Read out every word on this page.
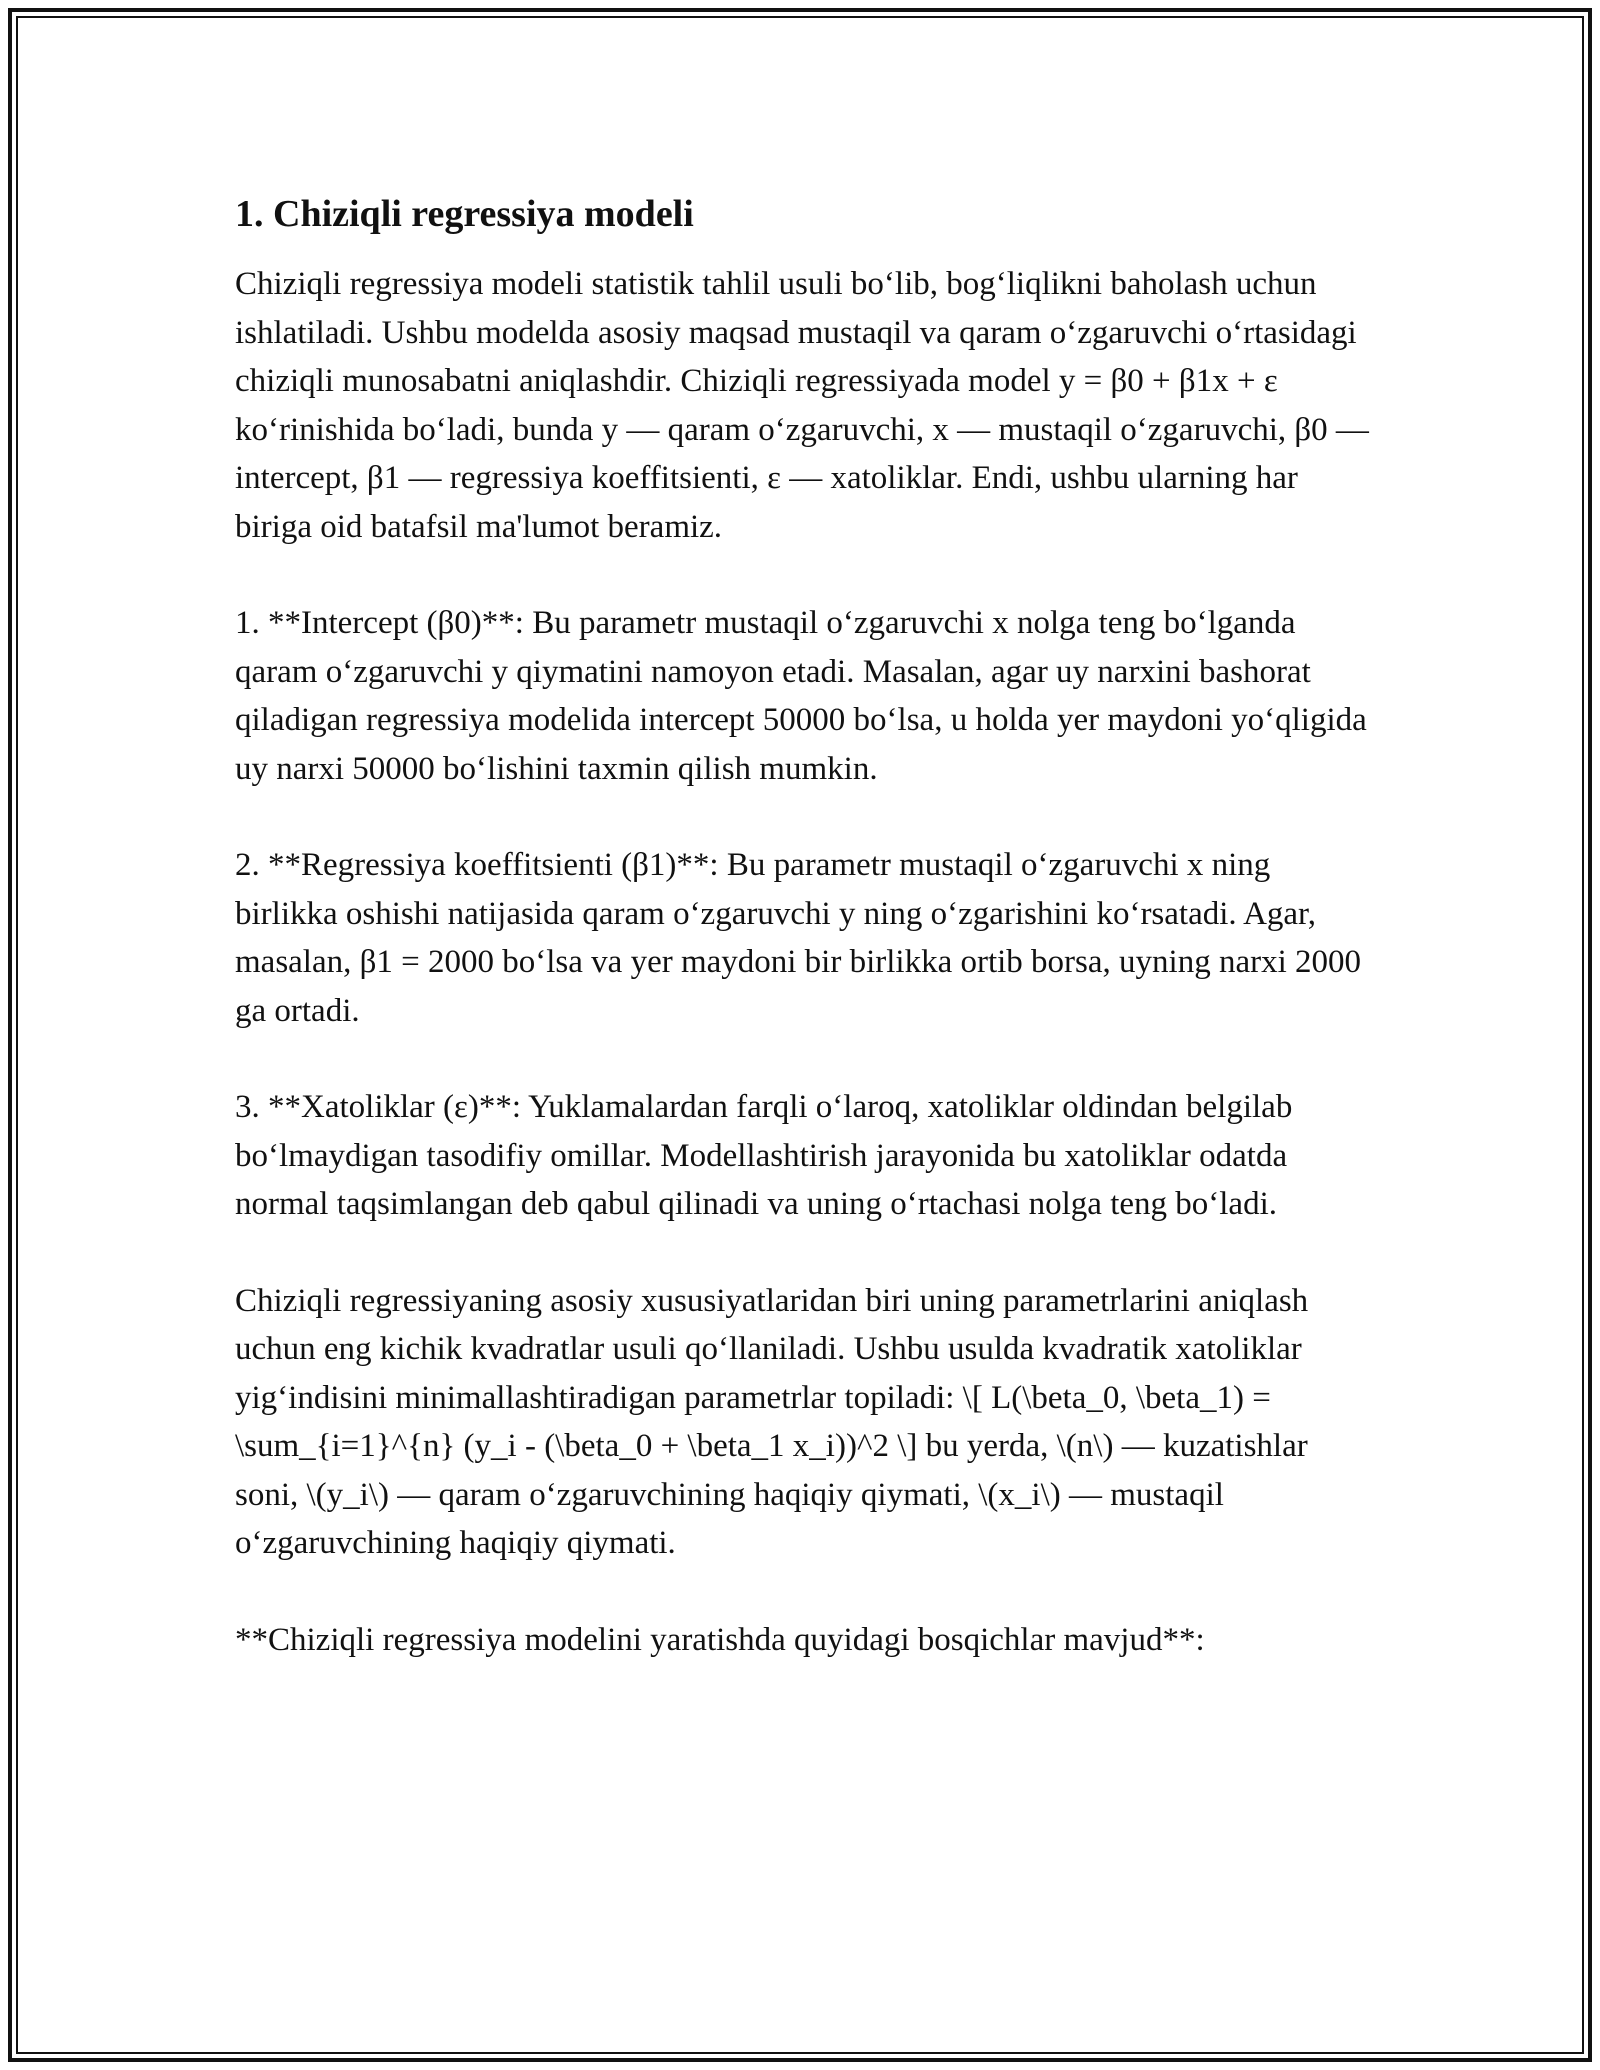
1. Chiziqli regressiya modeli

Chiziqli regressiya modeli statistik tahlil usuli bo‘lib, bog‘liqlikni baholash uchun ishlatiladi. Ushbu modelda asosiy maqsad mustaqil va qaram o‘zgaruvchi o‘rtasidagi chiziqli munosabatni aniqlashdir. Chiziqli regressiyada model y = β0 + β1x + ε ko‘rinishida bo‘ladi, bunda y — qaram o‘zgaruvchi, x — mustaqil o‘zgaruvchi, β0 — intercept, β1 — regressiya koeffitsienti, ε — xatoliklar. Endi, ushbu ularning har biriga oid batafsil ma'lumot beramiz.

1. **Intercept (β0)**: Bu parametr mustaqil o‘zgaruvchi x nolga teng bo‘lganda qaram o‘zgaruvchi y qiymatini namoyon etadi. Masalan, agar uy narxini bashorat qiladigan regressiya modelida intercept 50000 bo‘lsa, u holda yer maydoni yo‘qligida uy narxi 50000 bo‘lishini taxmin qilish mumkin.

2. **Regressiya koeffitsienti (β1)**: Bu parametr mustaqil o‘zgaruvchi x ning birlikka oshishi natijasida qaram o‘zgaruvchi y ning o‘zgarishini ko‘rsatadi. Agar, masalan, β1 = 2000 bo‘lsa va yer maydoni bir birlikka ortib borsa, uyning narxi 2000 ga ortadi.

3. **Xatoliklar (ε)**: Yuklamalardan farqli o‘laroq, xatoliklar oldindan belgilab bo‘lmaydigan tasodifiy omillar. Modellashtirish jarayonida bu xatoliklar odatda normal taqsimlangan deb qabul qilinadi va uning o‘rtachasi nolga teng bo‘ladi.

Chiziqli regressiyaning asosiy xususiyatlaridan biri uning parametrlarini aniqlash uchun eng kichik kvadratlar usuli qo‘llaniladi. Ushbu usulda kvadratik xatoliklar yig‘indisini minimallashtiradigan parametrlar topiladi: \[ L(\beta_0, \beta_1) = \sum_{i=1}^{n} (y_i - (\beta_0 + \beta_1 x_i))^2 \] bu yerda, \(n\) — kuzatishlar soni, \(y_i\) — qaram o‘zgaruvchining haqiqiy qiymati, \(x_i\) — mustaqil o‘zgaruvchining haqiqiy qiymati.

**Chiziqli regressiya modelini yaratishda quyidagi bosqichlar mavjud**:
